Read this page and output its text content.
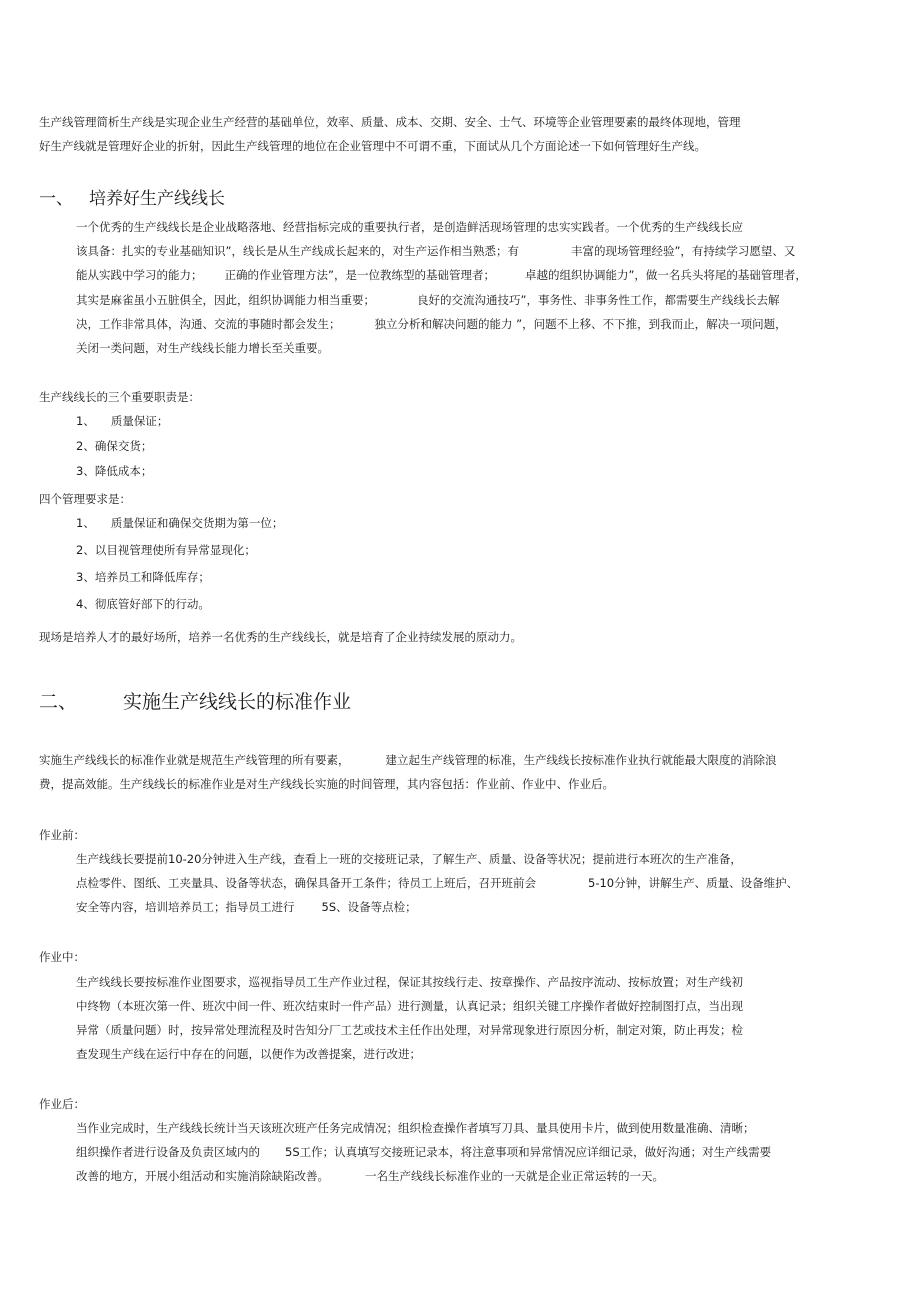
生产线管理简析生产线是实现企业生产经营的基础单位，效率、质量、成本、交期、安全、士气、环境等企业管理要素的最终体现地，管理
好生产线就是管理好企业的折射，因此生产线管理的地位在企业管理中不可谓不重，下面试从几个方面论述一下如何管理好生产线。
一、 培养好生产线线长
一个优秀的生产线线长是企业战略落地、经营指标完成的重要执行者，是创造鲜活现场管理的忠实实践者。一个优秀的生产线线长应
该具备：扎实的专业基础知识”，线长是从生产线成长起来的，对生产运作相当熟悉；有	丰富的现场管理经验”，有持续学习愿望、又
能从实践中学习的能力； 正确的作业管理方法”，是一位教练型的基础管理者；	卓越的组织协调能力”，做一名兵头将尾的基础管理者，
其实是麻雀虽小五脏俱全，因此，组织协调能力相当重要；	良好的交流沟通技巧”，事务性、非事务性工作，都需要生产线线长去解
决，工作非常具体，沟通、交流的事随时都会发生；	独立分析和解决问题的能力 ”，问题不上移、不下推，到我而止，解决一项问题，
关闭一类问题，对生产线线长能力增长至关重要。
生产线线长的三个重要职责是：
1、 质量保证；
2、确保交货；
3、降低成本；
四个管理要求是：
1、 质量保证和确保交货期为第一位；
2、以目视管理使所有异常显现化；
3、培养员工和降低库存；
4、彻底管好部下的行动。
现场是培养人才的最好场所，培养一名优秀的生产线线长，就是培育了企业持续发展的原动力。
二、 实施生产线线长的标准作业
实施生产线线长的标准作业就是规范生产线管理的所有要素，	建立起生产线管理的标准，生产线线长按标准作业执行就能最大限度的消除浪
费，提高效能。生产线线长的标准作业是对生产线线长实施的时间管理，其内容包括：作业前、作业中、作业后。
作业前：
生产线线长要提前10-20分钟进入生产线，查看上一班的交接班记录，了解生产、质量、设备等状况；提前进行本班次的生产准备，
点检零件、图纸、工夹量具、设备等状态，确保具备开工条件；待员工上班后，召开班前会	5-10分钟，讲解生产、质量、设备维护、
安全等内容，培训培养员工；指导员工进行 5S、设备等点检；
作业中：
生产线线长要按标准作业图要求，巡视指导员工生产作业过程，保证其按线行走、按章操作、产品按序流动、按标放置；对生产线初
中终物（本班次第一件、班次中间一件、班次结束时一件产品）进行测量，认真记录；组织关键工序操作者做好控制图打点，当出现
异常（质量问题）时，按异常处理流程及时告知分厂工艺或技术主任作出处理，对异常现象进行原因分析，制定对策，防止再发；检
查发现生产线在运行中存在的问题，以便作为改善提案，进行改进；
作业后：
当作业完成时，生产线线长统计当天该班次班产任务完成情况；组织检查操作者填写刀具、量具使用卡片，做到使用数量准确、清晰；
组织操作者进行设备及负责区域内的 5S工作；认真填写交接班记录本，将注意事项和异常情况应详细记录，做好沟通；对生产线需要
改善的地方，开展小组活动和实施消除缺陷改善。	一名生产线线长标准作业的一天就是企业正常运转的一天。
